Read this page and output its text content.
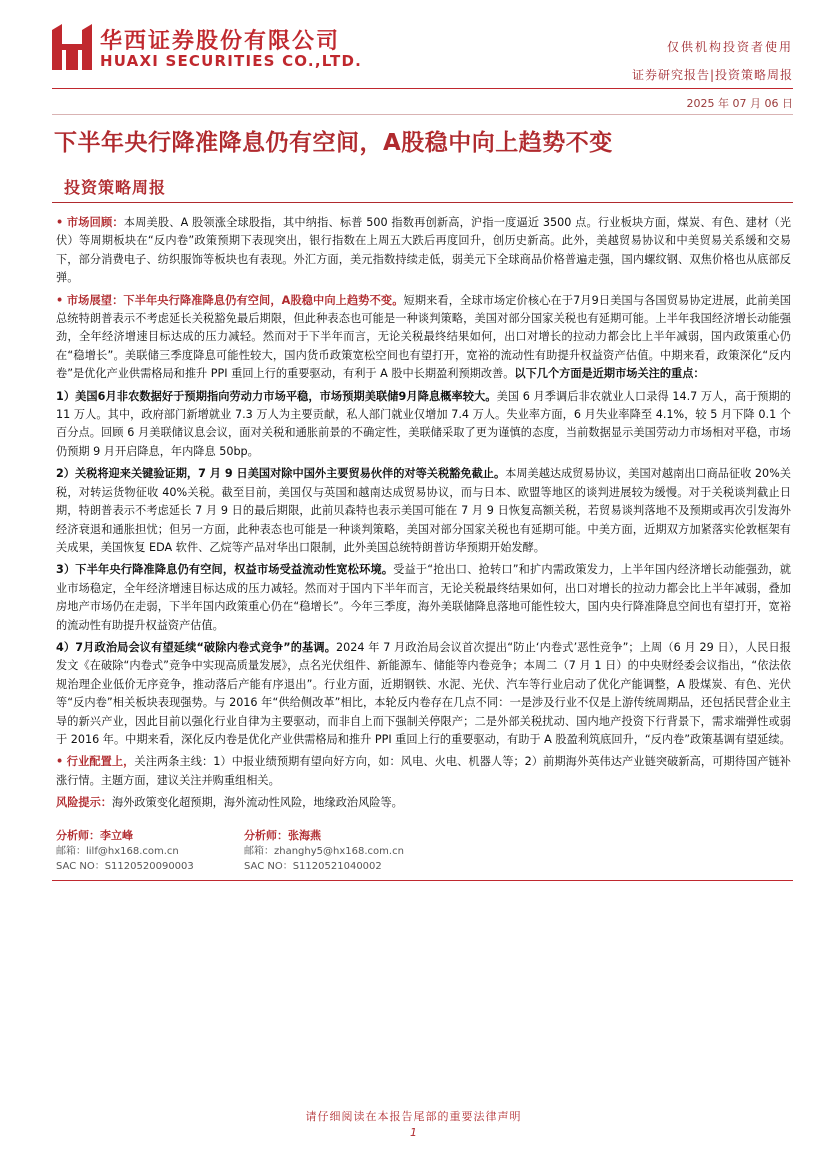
华西证券股份有限公司
HUAXI SECURITIES CO.,LTD.
仅供机构投资者使用
证券研究报告|投资策略周报
2025 年 07 月 06 日
下半年央行降准降息仍有空间，A股稳中向上趋势不变
投资策略周报

• 市场回顾：本周美股、A 股领涨全球股指，其中纳指、标普 500 指数再创新高，沪指一度逼近 3500 点。行业板块方面，煤炭、有色、建材（光伏）等周期板块在“反内卷”政策预期下表现突出，银行指数在上周五大跌后再度回升，创历史新高。此外，美越贸易协议和中美贸易关系缓和交易下，部分消费电子、纺织服饰等板块也有表现。外汇方面，美元指数持续走低，弱美元下全球商品价格普遍走强，国内螺纹钢、双焦价格也从底部反弹。

• 市场展望：下半年央行降准降息仍有空间，A股稳中向上趋势不变。短期来看，全球市场定价核心在于7月9日美国与各国贸易协定进展，此前美国总统特朗普表示不考虑延长关税豁免最后期限，但此种表态也可能是一种谈判策略，美国对部分国家关税也有延期可能。上半年我国经济增长动能强劲，全年经济增速目标达成的压力减轻。然而对于下半年而言，无论关税最终结果如何，出口对增长的拉动力都会比上半年减弱，国内政策重心仍在“稳增长”。美联储三季度降息可能性较大，国内货币政策宽松空间也有望打开，宽裕的流动性有助提升权益资产估值。中期来看，政策深化“反内卷”是优化产业供需格局和推升 PPI 重回上行的重要驱动，有利于 A 股中长期盈利预期改善。以下几个方面是近期市场关注的重点：

1）美国6月非农数据好于预期指向劳动力市场平稳，市场预期美联储9月降息概率较大。美国 6 月季调后非农就业人口录得 14.7 万人，高于预期的 11 万人。其中，政府部门新增就业 7.3 万人为主要贡献，私人部门就业仅增加 7.4 万人。失业率方面，6 月失业率降至 4.1%，较 5 月下降 0.1 个百分点。回顾 6 月美联储议息会议，面对关税和通胀前景的不确定性，美联储采取了更为谨慎的态度，当前数据显示美国劳动力市场相对平稳，市场仍预期 9 月开启降息，年内降息 50bp。

2）关税将迎来关键验证期，7 月 9 日美国对除中国外主要贸易伙伴的对等关税豁免截止。本周美越达成贸易协议，美国对越南出口商品征收 20%关税，对转运货物征收 40%关税。截至目前，美国仅与英国和越南达成贸易协议，而与日本、欧盟等地区的谈判进展较为缓慢。对于关税谈判截止日期，特朗普表示不考虑延长 7 月 9 日的最后期限，此前贝森特也表示美国可能在 7 月 9 日恢复高额关税，若贸易谈判落地不及预期或再次引发海外经济衰退和通胀担忧；但另一方面，此种表态也可能是一种谈判策略，美国对部分国家关税也有延期可能。中美方面，近期双方加紧落实伦敦框架有关成果，美国恢复 EDA 软件、乙烷等产品对华出口限制，此外美国总统特朗普访华预期开始发酵。

3）下半年央行降准降息仍有空间，权益市场受益流动性宽松环境。受益于“抢出口、抢转口”和扩内需政策发力，上半年国内经济增长动能强劲，就业市场稳定，全年经济增速目标达成的压力减轻。然而对于国内下半年而言，无论关税最终结果如何，出口对增长的拉动力都会比上半年减弱，叠加房地产市场仍在走弱，下半年国内政策重心仍在“稳增长”。今年三季度，海外美联储降息落地可能性较大，国内央行降准降息空间也有望打开，宽裕的流动性有助提升权益资产估值。

4）7月政治局会议有望延续“破除内卷式竞争”的基调。2024 年 7 月政治局会议首次提出“防止‘内卷式’恶性竞争”；上周（6 月 29 日），人民日报发文《在破除“内卷式”竞争中实现高质量发展》，点名光伏组件、新能源车、储能等内卷竞争；本周二（7 月 1 日）的中央财经委会议指出，“依法依规治理企业低价无序竞争，推动落后产能有序退出”。行业方面，近期钢铁、水泥、光伏、汽车等行业启动了优化产能调整，A 股煤炭、有色、光伏等“反内卷”相关板块表现强势。与 2016 年“供给侧改革”相比，本轮反内卷存在几点不同：一是涉及行业不仅是上游传统周期品，还包括民营企业主导的新兴产业，因此目前以强化行业自律为主要驱动，而非自上而下强制关停限产；二是外部关税扰动、国内地产投资下行背景下，需求端弹性或弱于 2016 年。中期来看，深化反内卷是优化产业供需格局和推升 PPI 重回上行的重要驱动，有助于 A 股盈利筑底回升，“反内卷”政策基调有望延续。

• 行业配置上，关注两条主线：1）中报业绩预期有望向好方向，如：风电、火电、机器人等；2）前期海外英伟达产业链突破新高，可期待国产链补涨行情。主题方面，建议关注并购重组相关。

风险提示：海外政策变化超预期，海外流动性风险，地缘政治风险等。

分析师：李立峰
邮箱：lilf@hx168.com.cn
SAC NO：S1120520090003
分析师：张海燕
邮箱：zhanghy5@hx168.com.cn
SAC NO：S1120521040002
请仔细阅读在本报告尾部的重要法律声明
1
